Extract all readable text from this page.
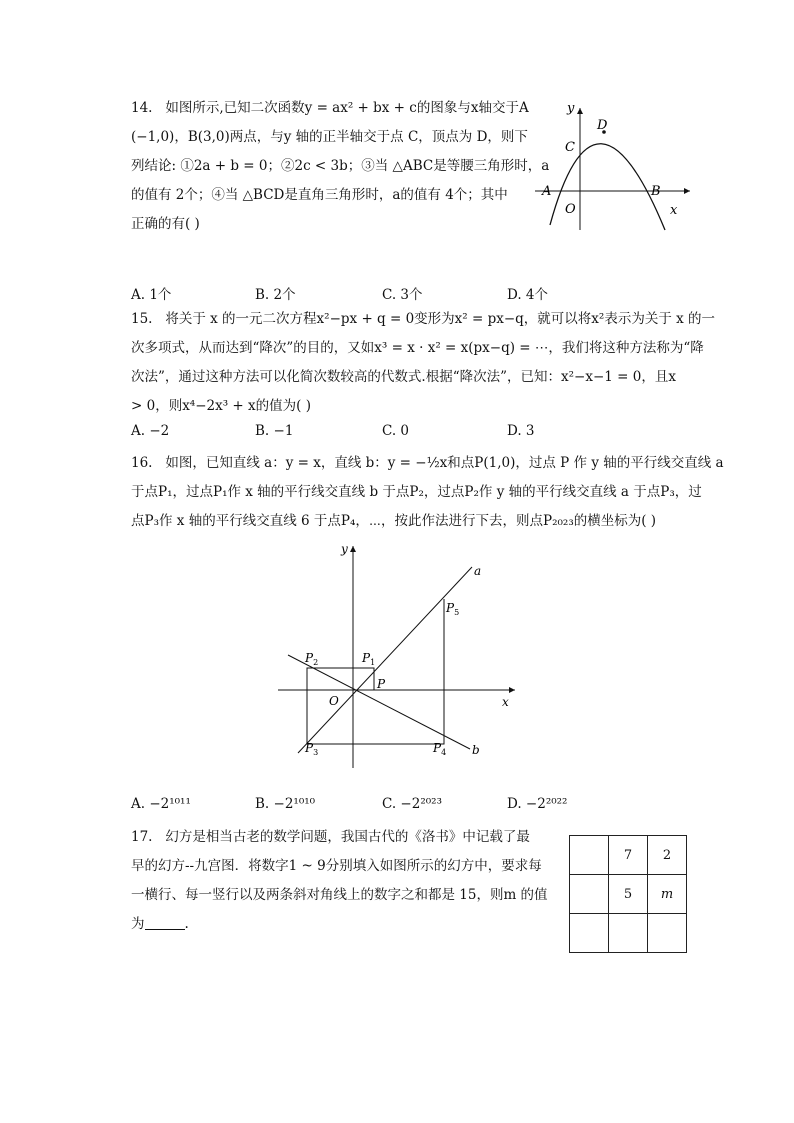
14. 如图所示,已知二次函数y = ax² + bx + c的图象与x轴交于A
(−1,0)，B(3,0)两点，与y 轴的正半轴交于点 C，顶点为 D，则下
列结论: ①2a + b = 0；②2c < 3b；③当 △ABC是等腰三角形时，a
的值有 2个；④当 △BCD是直角三角形时，a的值有 4个；其中
正确的有( )
y
x
D
C
A	B
O
A. 1个	B. 2个	C. 3个	D. 4个
15. 将关于 x 的一元二次方程x²−px + q = 0变形为x² = px−q，就可以将x²表示为关于 x 的一
次多项式，从而达到“降次”的目的，又如x³ = x · x² = x(px−q) = ⋯，我们将这种方法称为“降
次法”，通过这种方法可以化简次数较高的代数式.根据“降次法”，已知：x²−x−1 = 0，且x
> 0，则x⁴−2x³ + x的值为( )
A. −2	B. −1	C. 0	D. 3
16. 如图，已知直线 a：y = x，直线 b：y = −½x和点P(1,0)，过点 P 作 y 轴的平行线交直线 a
于点P₁，过点P₁作 x 轴的平行线交直线 b 于点P₂，过点P₂作 y 轴的平行线交直线 a 于点P₃，过
点P₃作 x 轴的平行线交直线 6 于点P₄，⋯，按此作法进行下去，则点P₂₀₂₃的横坐标为( )
y
x
a
b
O
P
$P_1$
$P_2$
$P_3$	$P_4$
$P_5$
A. −2¹⁰¹¹	B. −2¹⁰¹⁰	C. −2²⁰²³	D. −2²⁰²²
17. 幻方是相当古老的数学问题，我国古代的《洛书》中记载了最
早的幻方--九宫图．将数字1 ~ 9分别填入如图所示的幻方中，要求每
一横行、每一竖行以及两条斜对角线上的数字之和都是 15，则m 的值
为	.
	7	2
	5	m
